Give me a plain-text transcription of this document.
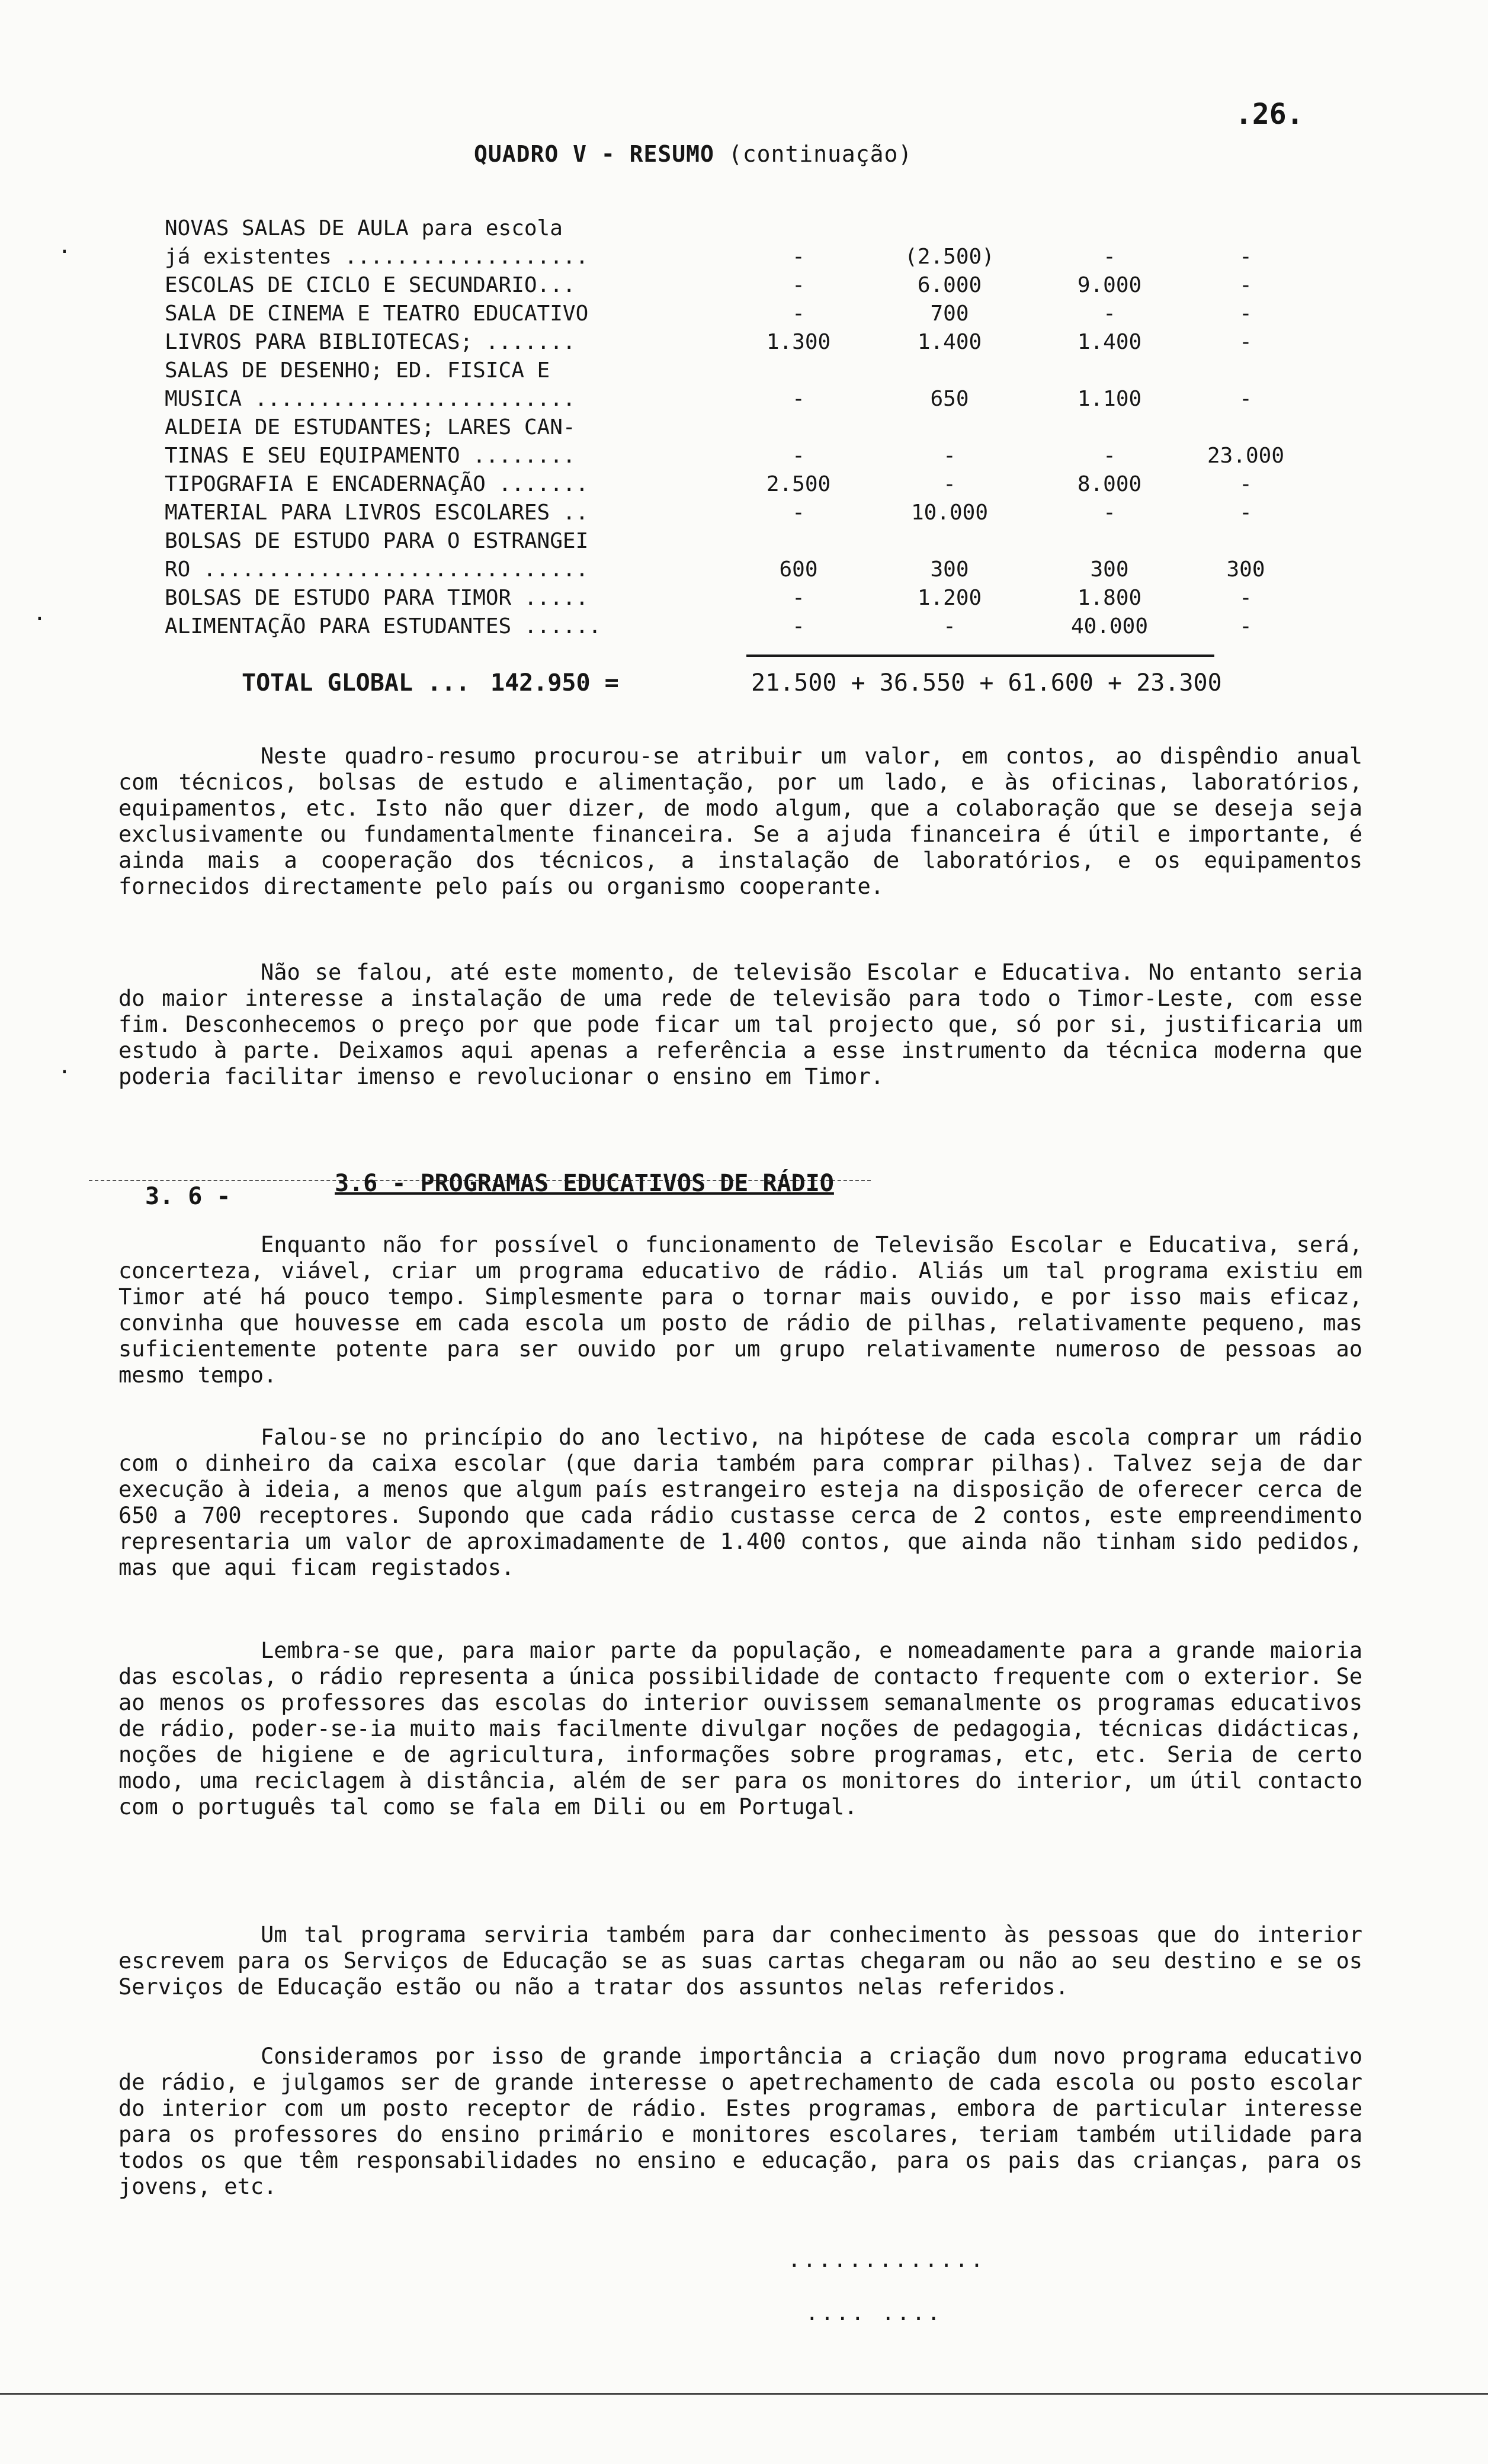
.26.
QUADRO V - RESUMO (continuação)
.
.
.
NOVAS SALAS DE AULA para escola
já existentes ...................	-	(2.500)	-	-
ESCOLAS DE CICLO E SECUNDARIO...	-	6.000	9.000	-
SALA DE CINEMA E TEATRO EDUCATIVO	-	700	-	-
LIVROS PARA BIBLIOTECAS; .......	1.300	1.400	1.400	-
SALAS DE DESENHO; ED. FISICA E
MUSICA .........................	-	650	1.100	-
ALDEIA DE ESTUDANTES; LARES CAN-
TINAS E SEU EQUIPAMENTO ........	-	-	-	23.000
TIPOGRAFIA E ENCADERNAÇÃO .......	2.500	-	8.000	-
MATERIAL PARA LIVROS ESCOLARES ..	-	10.000	-	-
BOLSAS DE ESTUDO PARA O ESTRANGEI
RO ..............................	600	300	300	300
BOLSAS DE ESTUDO PARA TIMOR .....	-	1.200	1.800	-
ALIMENTAÇÃO PARA ESTUDANTES ......	-	-	40.000	-
TOTAL GLOBAL ... 142.950 =	21.500 + 36.550 + 61.600 + 23.300

Neste quadro-resumo procurou-se atribuir um valor, em contos, ao dispêndio anual com técnicos, bolsas de estudo e alimentação, por um lado, e às oficinas, laboratórios, equipamentos, etc. Isto não quer dizer, de modo algum, que a colaboração que se deseja seja exclusivamente ou fundamentalmente financeira. Se a ajuda financeira é útil e importante, é ainda mais a cooperação dos técnicos, a instalação de laboratórios, e os equipamentos fornecidos directamente pelo país ou organismo cooperante.

Não se falou, até este momento, de televisão Escolar e Educativa. No entanto seria do maior interesse a instalação de uma rede de televisão para todo o Timor-Leste, com esse fim. Desconhecemos o preço por que pode ficar um tal projecto que, só por si, justificaria um estudo à parte. Deixamos aqui apenas a referência a esse instrumento da técnica moderna que poderia facilitar imenso e revolucionar o ensino em Timor.

3. 6 -	3.6 - PROGRAMAS EDUCATIVOS DE RÁDIO

Enquanto não for possível o funcionamento de Televisão Escolar e Educativa, será, concerteza, viável, criar um programa educativo de rádio. Aliás um tal programa existiu em Timor até há pouco tempo. Simplesmente para o tornar mais ouvido, e por isso mais eficaz, convinha que houvesse em cada escola um posto de rádio de pilhas, relativamente pequeno, mas suficientemente potente para ser ouvido por um grupo relativamente numeroso de pessoas ao mesmo tempo.

Falou-se no princípio do ano lectivo, na hipótese de cada escola comprar um rádio com o dinheiro da caixa escolar (que daria também para comprar pilhas). Talvez seja de dar execução à ideia, a menos que algum país estrangeiro esteja na disposição de oferecer cerca de 650 a 700 receptores. Supondo que cada rádio custasse cerca de 2 contos, este empreendimento representaria um valor de aproximadamente de 1.400 contos, que ainda não tinham sido pedidos, mas que aqui ficam registados.

Lembra-se que, para maior parte da população, e nomeadamente para a grande maioria das escolas, o rádio representa a única possibilidade de contacto frequente com o exterior. Se ao menos os professores das escolas do interior ouvissem semanalmente os programas educativos de rádio, poder-se-ia muito mais facilmente divulgar noções de pedagogia, técnicas didácticas, noções de higiene e de agricultura, informações sobre programas, etc, etc. Seria de certo modo, uma reciclagem à distância, além de ser para os monitores do interior, um útil contacto com o português tal como se fala em Dili ou em Portugal.

Um tal programa serviria também para dar conhecimento às pessoas que do interior escrevem para os Serviços de Educação se as suas cartas chegaram ou não ao seu destino e se os Serviços de Educação estão ou não a tratar dos assuntos nelas referidos.

Consideramos por isso de grande importância a criação dum novo programa educativo de rádio, e julgamos ser de grande interesse o apetrechamento de cada escola ou posto escolar do interior com um posto receptor de rádio. Estes programas, embora de particular interesse para os professores do ensino primário e monitores escolares, teriam também utilidade para todos os que têm responsabilidades no ensino e educação, para os pais das crianças, para os jovens, etc.

.............
.... ....
